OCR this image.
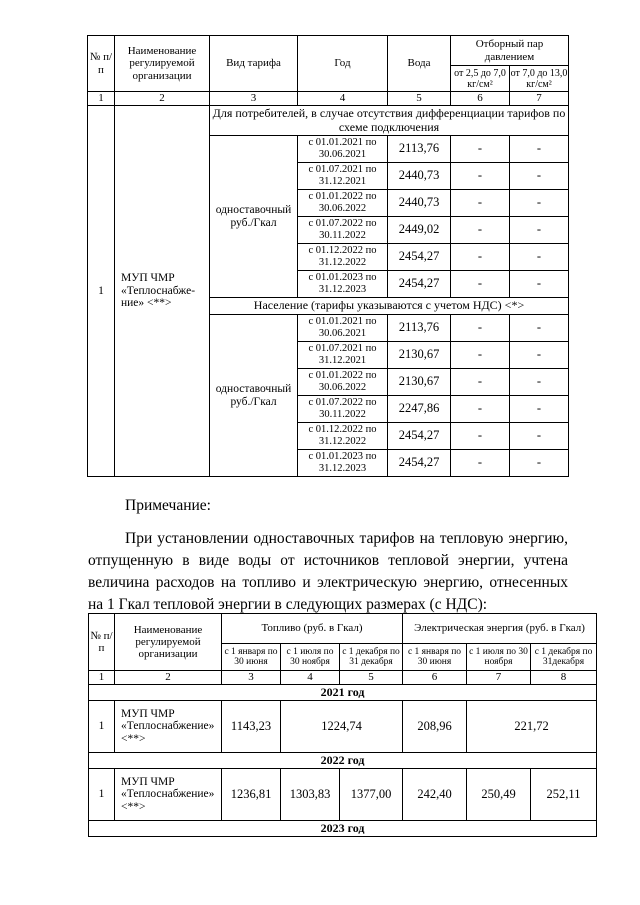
№ п/п	Наименование регулируемой организации	Вид тарифа	Год	Вода	Отборный пар давлением	
					от 2,5 до 7,0 кг/см²	от 7,0 до 13,0 кг/см²
1	2	3	4	5	6	7
1	МУП ЧМР «Теплоснабжение» <**>	Для потребителей, в случае отсутствия дифференциации тарифов по схеме подключения				
		одноставочный руб./Гкал	с 01.01.2021 по 30.06.2021	2113,76	-	-
			с 01.07.2021 по 31.12.2021	2440,73	-	-
			с 01.01.2022 по 30.06.2022	2440,73	-	-
			с 01.07.2022 по 30.11.2022	2449,02	-	-
			с 01.12.2022 по 31.12.2022	2454,27	-	-
			с 01.01.2023 по 31.12.2023	2454,27	-	-
		Население (тарифы указываются с учетом НДС) <*>				
		одноставочный руб./Гкал	с 01.01.2021 по 30.06.2021	2113,76	-	-
			с 01.07.2021 по 31.12.2021	2130,67	-	-
			с 01.01.2022 по 30.06.2022	2130,67	-	-
			с 01.07.2022 по 30.11.2022	2247,86	-	-
			с 01.12.2022 по 31.12.2022	2454,27	-	-
			с 01.01.2023 по 31.12.2023	2454,27	-	-
Примечание:
При установлении одноставочных тарифов на тепловую энергию, отпущенную в виде воды от источников тепловой энергии, учтена величина расходов на топливо и электрическую энергию, отнесенных на 1 Гкал тепловой энергии в следующих размерах (с НДС):
№ п/п	Наименование регулируемой организации	Топливо (руб. в Гкал)			Электрическая энергия (руб. в Гкал)		
		с 1 января по 30 июня	с 1 июля по 30 ноября	с 1 декабря по 31 декабря	с 1 января по 30 июня	с 1 июля по 30 ноября	с 1 декабря по 31декабря
1	2	3	4	5	6	7	8
2021 год							
1	МУП ЧМР «Теплоснабжение» <**>	1143,23	1224,74		208,96	221,72	
2022 год							
1	МУП ЧМР «Теплоснабжение» <**>	1236,81	1303,83	1377,00	242,40	250,49	252,11
2023 год							
